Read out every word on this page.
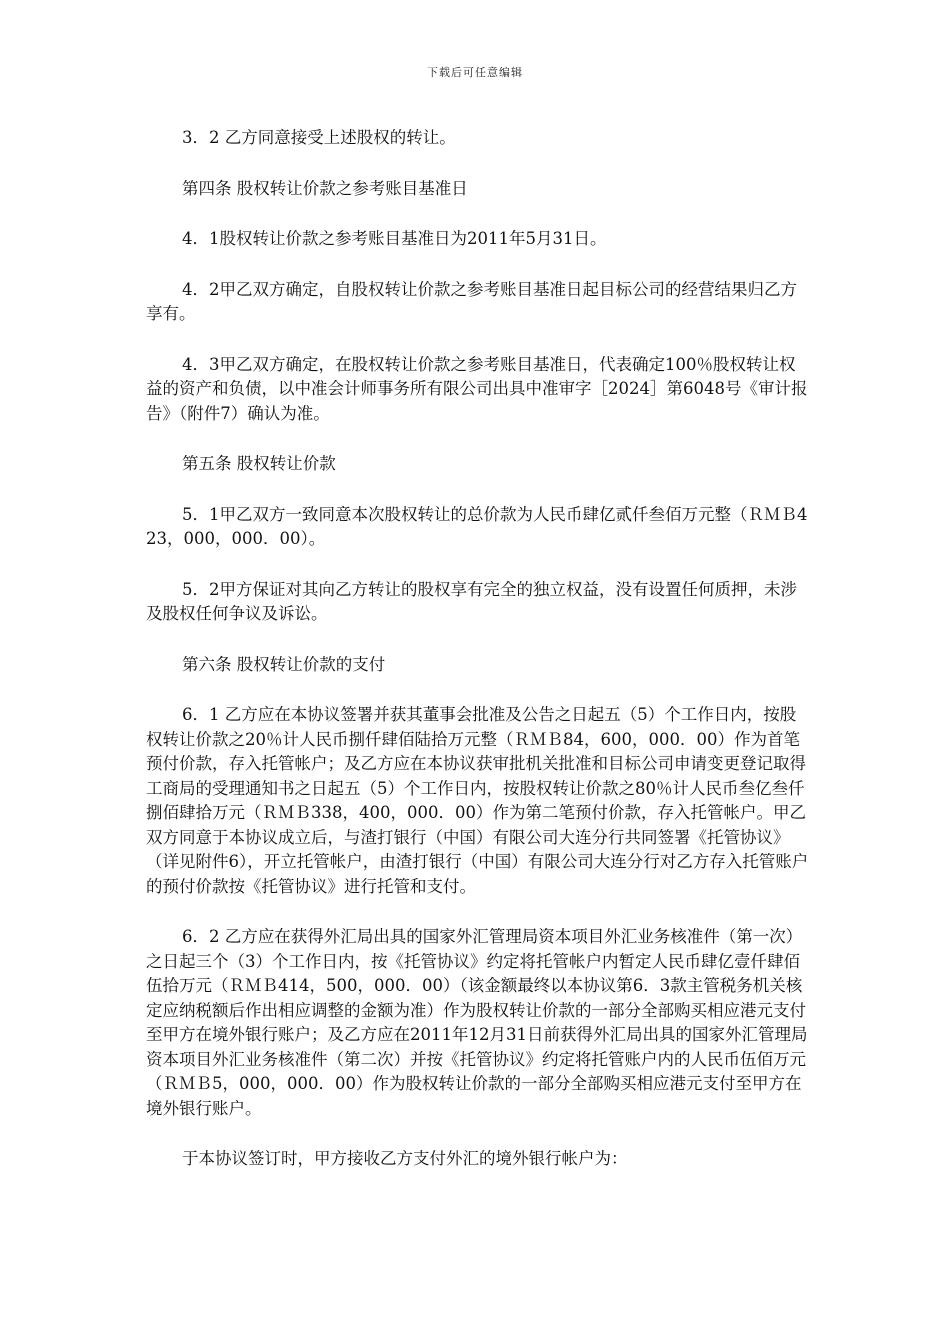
下载后可任意编辑

3．2 乙方同意接受上述股权的转让。

第四条 股权转让价款之参考账目基准日

4．1股权转让价款之参考账目基准日为2011年5月31日。

4．2甲乙双方确定，自股权转让价款之参考账目基准日起目标公司的经营结果归乙方享有。

4．3甲乙双方确定，在股权转让价款之参考账目基准日，代表确定100％股权转让权益的资产和负债，以中准会计师事务所有限公司出具中准审字［2024］第6048号《审计报告》（附件7）确认为准。

第五条 股权转让价款

5．1甲乙双方一致同意本次股权转让的总价款为人民币肆亿贰仟叁佰万元整（ＲＭＢ423，000，000．00）。

5．2甲方保证对其向乙方转让的股权享有完全的独立权益，没有设置任何质押，未涉及股权任何争议及诉讼。

第六条 股权转让价款的支付

6．1 乙方应在本协议签署并获其董事会批准及公告之日起五（5）个工作日内，按股权转让价款之20％计人民币捌仟肆佰陆拾万元整（ＲＭＢ84，600，000．00）作为首笔预付价款，存入托管帐户；及乙方应在本协议获审批机关批准和目标公司申请变更登记取得工商局的受理通知书之日起五（5）个工作日内，按股权转让价款之80％计人民币叁亿叁仟捌佰肆拾万元（ＲＭＢ338，400，000．00）作为第二笔预付价款，存入托管帐户。甲乙双方同意于本协议成立后，与渣打银行（中国）有限公司大连分行共同签署《托管协议》（详见附件6），开立托管帐户，由渣打银行（中国）有限公司大连分行对乙方存入托管账户的预付价款按《托管协议》进行托管和支付。

6．2 乙方应在获得外汇局出具的国家外汇管理局资本项目外汇业务核准件（第一次）之日起三个（3）个工作日内，按《托管协议》约定将托管帐户内暂定人民币肆亿壹仟肆佰伍拾万元（ＲＭＢ414，500，000．00）（该金额最终以本协议第6．3款主管税务机关核定应纳税额后作出相应调整的金额为准）作为股权转让价款的一部分全部购买相应港元支付至甲方在境外银行账户；及乙方应在2011年12月31日前获得外汇局出具的国家外汇管理局资本项目外汇业务核准件（第二次）并按《托管协议》约定将托管账户内的人民币伍佰万元（ＲＭＢ5，000，000．00）作为股权转让价款的一部分全部购买相应港元支付至甲方在境外银行账户。

于本协议签订时，甲方接收乙方支付外汇的境外银行帐户为：
